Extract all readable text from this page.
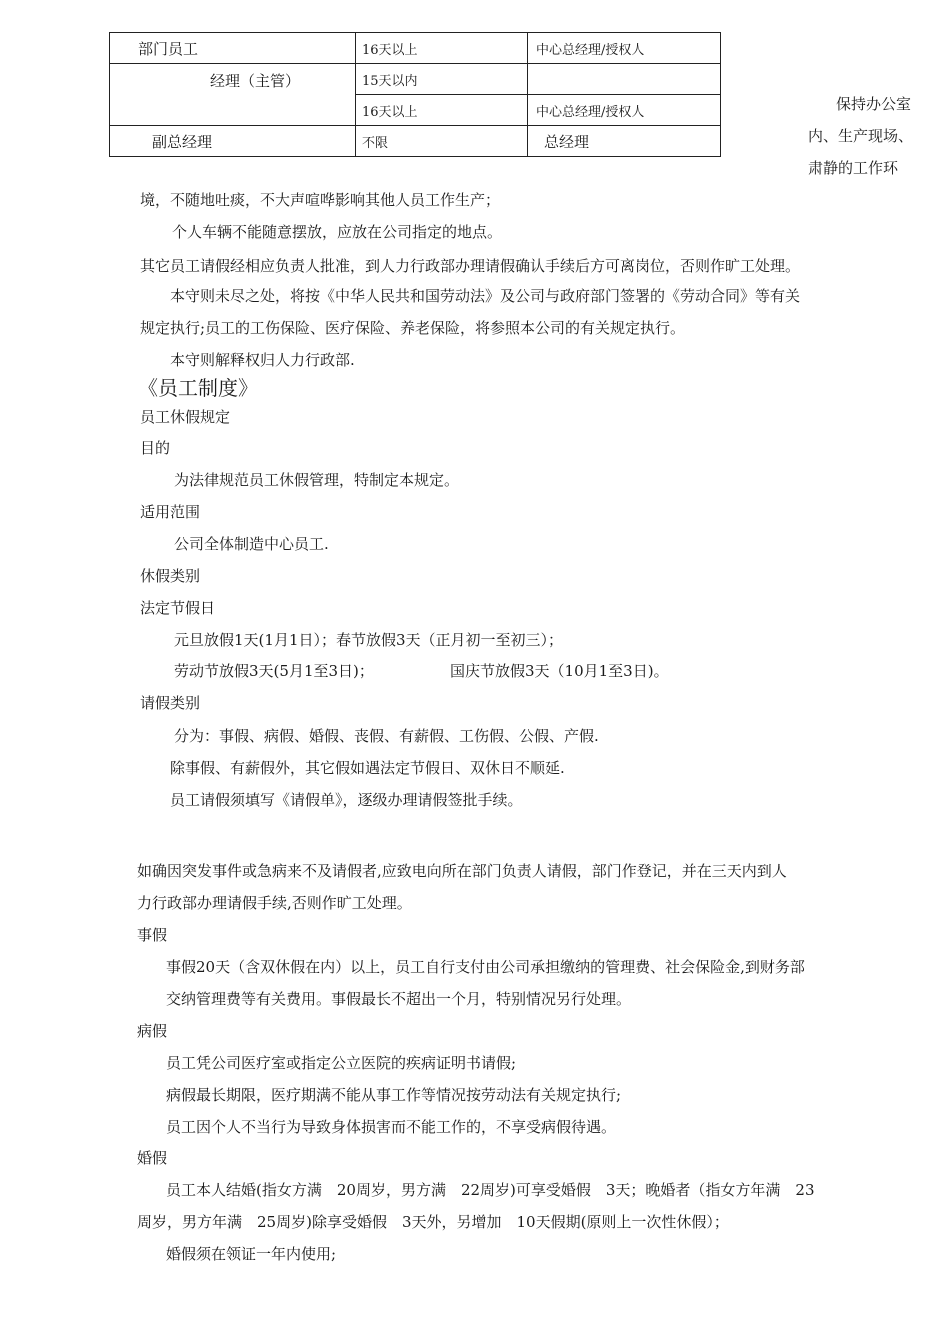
部门员工	16天以上	中心总经理/授权人
经理（主管）	15天以内	
	16天以上	中心总经理/授权人
副总经理	不限	总经理
保持办公室
内、生产现场、
肃静的工作环
境，不随地吐痰，不大声喧哗影响其他人员工作生产；
个人车辆不能随意摆放，应放在公司指定的地点。
其它员工请假经相应负责人批准，到人力行政部办理请假确认手续后方可离岗位，否则作旷工处理。
本守则未尽之处，将按《中华人民共和国劳动法》及公司与政府部门签署的《劳动合同》等有关
规定执行;员工的工伤保险、医疗保险、养老保险，将参照本公司的有关规定执行。
本守则解释权归人力行政部.
《员工制度》
员工休假规定
目的
为法律规范员工休假管理，特制定本规定。
适用范围
公司全体制造中心员工.
休假类别
法定节假日
元旦放假1天(1月1日）；春节放假3天（正月初一至初三）；
劳动节放假3天(5月1至3日)；	国庆节放假3天（10月1至3日)。
请假类别
分为：事假、病假、婚假、丧假、有薪假、工伤假、公假、产假.
除事假、有薪假外，其它假如遇法定节假日、双休日不顺延.
员工请假须填写《请假单》，逐级办理请假签批手续。
如确因突发事件或急病来不及请假者,应致电向所在部门负责人请假，部门作登记，并在三天内到人
力行政部办理请假手续,否则作旷工处理。
事假
事假20天（含双休假在内）以上，员工自行支付由公司承担缴纳的管理费、社会保险金,到财务部
交纳管理费等有关费用。事假最长不超出一个月，特别情况另行处理。
病假
员工凭公司医疗室或指定公立医院的疾病证明书请假;
病假最长期限，医疗期满不能从事工作等情况按劳动法有关规定执行;
员工因个人不当行为导致身体损害而不能工作的，不享受病假待遇。
婚假
员工本人结婚(指女方满　20周岁，男方满　22周岁)可享受婚假　3天；晚婚者（指女方年满　23
周岁，男方年满　25周岁)除享受婚假　3天外，另增加　10天假期(原则上一次性休假）；
婚假须在领证一年内使用;
